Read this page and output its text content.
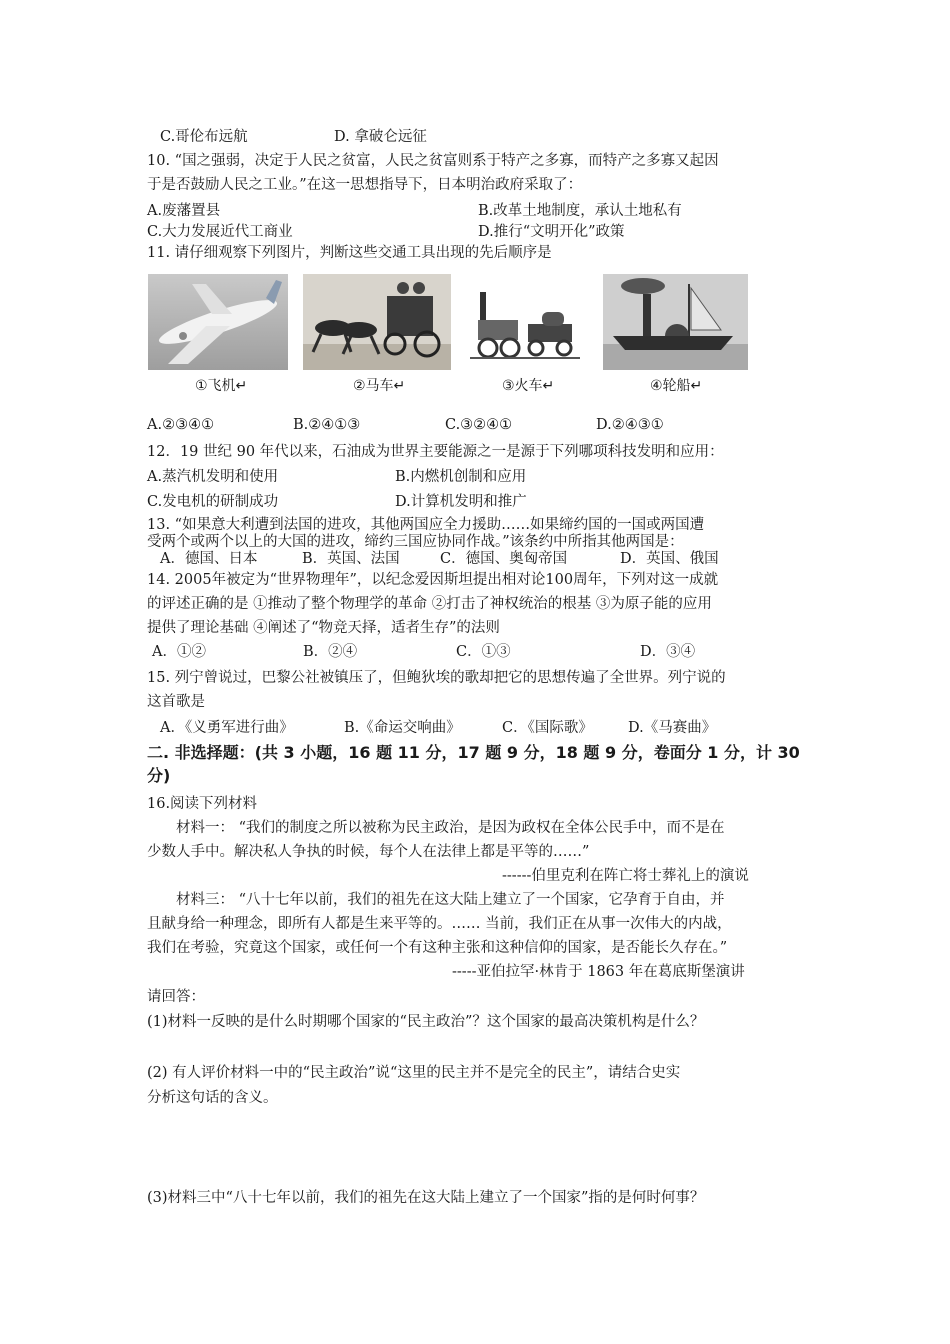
C.哥伦布远航	D. 拿破仑远征
10. “国之强弱，决定于人民之贫富，人民之贫富则系于特产之多寡，而特产之多寡又起因
于是否鼓励人民之工业。”在这一思想指导下，日本明治政府采取了：
A.废藩置县	B.改革土地制度，承认土地私有
C.大力发展近代工商业	D.推行“文明开化”政策
11. 请仔细观察下列图片，判断这些交通工具出现的先后顺序是
①飞机↵	②马车↵	③火车↵	④轮船↵
A.②③④①	B.②④①③	C.③②④①	D.②④③①
12．19 世纪 90 年代以来，石油成为世界主要能源之一是源于下列哪项科技发明和应用：
A.蒸汽机发明和使用	B.内燃机创制和应用
C.发电机的研制成功	D.计算机发明和推广
13. “如果意大利遭到法国的进攻，其他两国应全力援助……如果缔约国的一国或两国遭
受两个或两个以上的大国的进攻，缔约三国应协同作战。”该条约中所指其他两国是：
A．德国、日本	B．英国、法国	C．德国、奥匈帝国	D．英国、俄国
14. 2005年被定为“世界物理年”，以纪念爱因斯坦提出相对论100周年，下列对这一成就
的评述正确的是 ①推动了整个物理学的革命 ②打击了神权统治的根基 ③为原子能的应用
提供了理论基础 ④阐述了“物竞天择，适者生存”的法则
A．①②	B．②④	C．①③	D．③④
15. 列宁曾说过，巴黎公社被镇压了，但鲍狄埃的歌却把它的思想传遍了全世界。列宁说的
这首歌是
A．《义勇军进行曲》	B.《命运交响曲》	C．《国际歌》 D.《马赛曲》
二. 非选择题：(共 3 小题，16 题 11 分，17 题 9 分，18 题 9 分，卷面分 1 分，计 30
分)
16.阅读下列材料
材料一： “我们的制度之所以被称为民主政治，是因为政权在全体公民手中，而不是在
少数人手中。解决私人争执的时候，每个人在法律上都是平等的……”
------伯里克利在阵亡将士葬礼上的演说
材料三： “八十七年以前，我们的祖先在这大陆上建立了一个国家，它孕育于自由，并
且献身给一种理念，即所有人都是生来平等的。…… 当前，我们正在从事一次伟大的内战，
我们在考验，究竟这个国家，或任何一个有这种主张和这种信仰的国家，是否能长久存在。”
-----亚伯拉罕·林肯于 1863 年在葛底斯堡演讲
请回答：
(1)材料一反映的是什么时期哪个国家的“民主政治”？这个国家的最高决策机构是什么？
(2) 有人评价材料一中的“民主政治”说“这里的民主并不是完全的民主”，请结合史实
分析这句话的含义。
(3)材料三中“八十七年以前，我们的祖先在这大陆上建立了一个国家”指的是何时何事？
